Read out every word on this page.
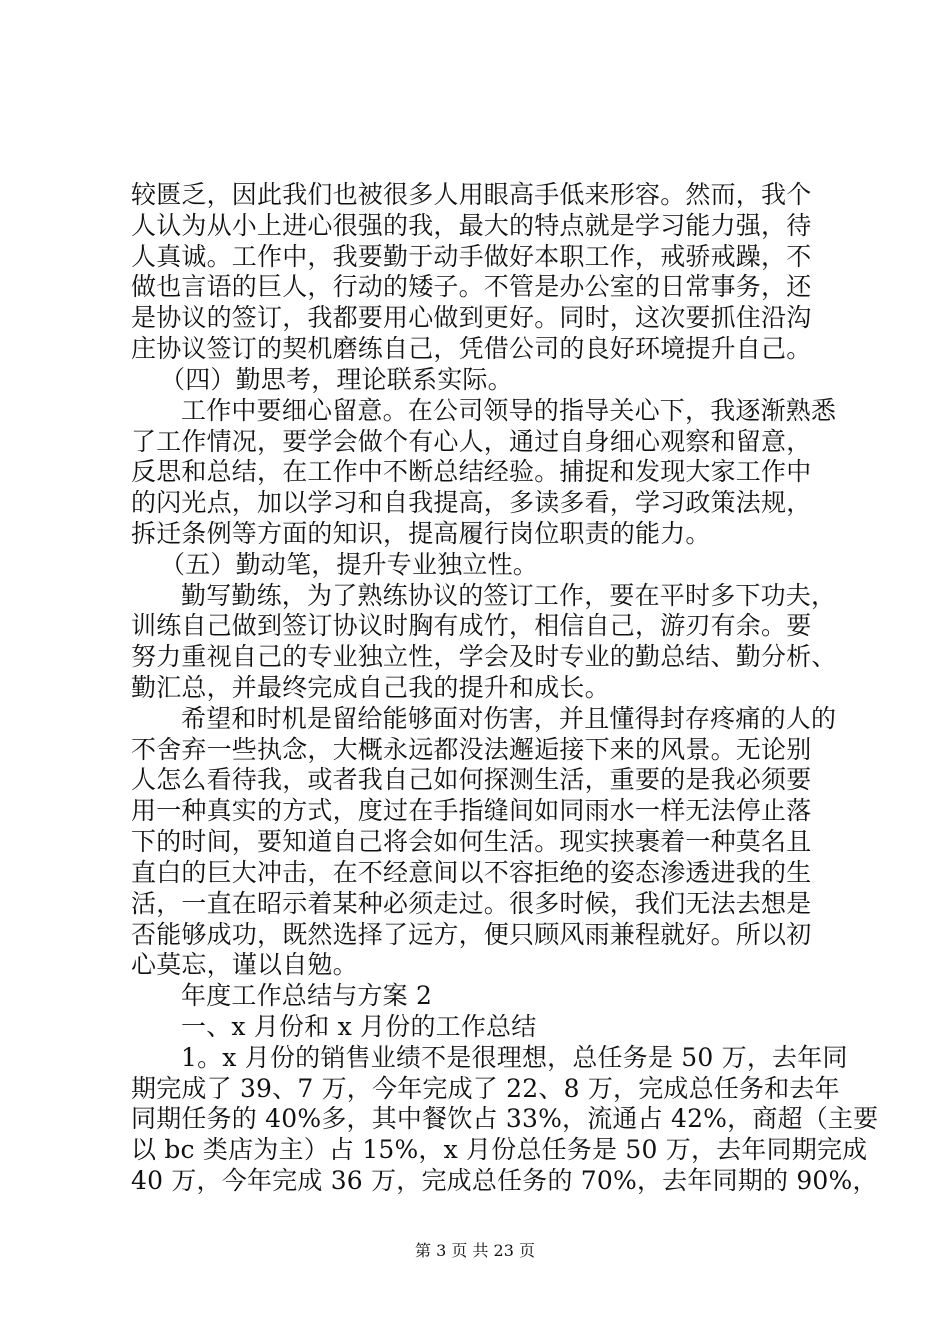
较匮乏，因此我们也被很多人用眼高手低来形容。然而，我个
人认为从小上进心很强的我，最大的特点就是学习能力强，待
人真诚。工作中，我要勤于动手做好本职工作，戒骄戒躁，不
做也言语的巨人，行动的矮子。不管是办公室的日常事务，还
是协议的签订，我都要用心做到更好。同时，这次要抓住沿沟
庄协议签订的契机磨练自己，凭借公司的良好环境提升自己。
（四）勤思考，理论联系实际。
工作中要细心留意。在公司领导的指导关心下，我逐渐熟悉
了工作情况，要学会做个有心人，通过自身细心观察和留意，
反思和总结，在工作中不断总结经验。捕捉和发现大家工作中
的闪光点，加以学习和自我提高，多读多看，学习政策法规，
拆迁条例等方面的知识，提高履行岗位职责的能力。
（五）勤动笔，提升专业独立性。
勤写勤练，为了熟练协议的签订工作，要在平时多下功夫，
训练自己做到签订协议时胸有成竹，相信自己，游刃有余。要
努力重视自己的专业独立性，学会及时专业的勤总结、勤分析、
勤汇总，并最终完成自己我的提升和成长。
希望和时机是留给能够面对伤害，并且懂得封存疼痛的人的
不舍弃一些执念，大概永远都没法邂逅接下来的风景。无论别
人怎么看待我，或者我自己如何探测生活，重要的是我必须要
用一种真实的方式，度过在手指缝间如同雨水一样无法停止落
下的时间，要知道自己将会如何生活。现实挟裹着一种莫名且
直白的巨大冲击，在不经意间以不容拒绝的姿态渗透进我的生
活，一直在昭示着某种必须走过。很多时候，我们无法去想是
否能够成功，既然选择了远方，便只顾风雨兼程就好。所以初
心莫忘，谨以自勉。
年度工作总结与方案 2
一、x 月份和 x 月份的工作总结
1。x 月份的销售业绩不是很理想，总任务是 50 万，去年同
期完成了 39、7 万，今年完成了 22、8 万，完成总任务和去年
同期任务的 40%多，其中餐饮占 33%，流通占 42%，商超（主要
以 bc 类店为主）占 15%，x 月份总任务是 50 万，去年同期完成
40 万，今年完成 36 万，完成总任务的 70%，去年同期的 90%，
第 3 页 共 23 页
